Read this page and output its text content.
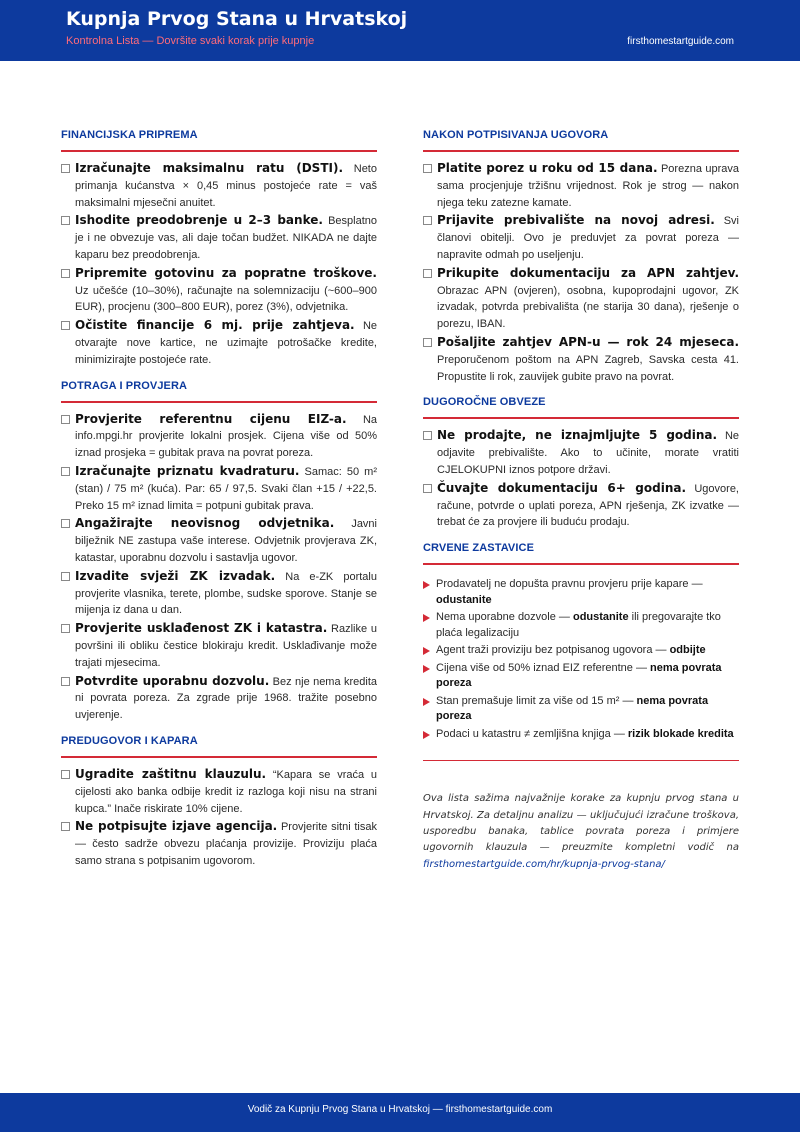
Kupnja Prvog Stana u Hrvatskoj
Kontrolna Lista — Dovršite svaki korak prije kupnje	firsthomestartguide.com
FINANCIJSKA PRIPREMA
Izračunajte maksimalnu ratu (DSTI). Neto primanja kućanstva × 0,45 minus postojeće rate = vaš maksimalni mjesečni anuitet.
Ishodite preodobrenje u 2–3 banke. Besplatno je i ne obvezuje vas, ali daje točan budžet. NIKADA ne dajte kaparu bez preodobrenja.
Pripremite gotovinu za popratne troškove. Uz učešće (10–30%), računajte na solemnizaciju (~600–900 EUR), procjenu (300–800 EUR), porez (3%), odvjetnika.
Očistite financije 6 mj. prije zahtjeva. Ne otvarajte nove kartice, ne uzimajte potrošačke kredite, minimizirajte postojeće rate.
POTRAGA I PROVJERA
Provjerite referentnu cijenu EIZ-a. Na info.mpgi.hr provjerite lokalni prosjek. Cijena više od 50% iznad prosjeka = gubitak prava na povrat poreza.
Izračunajte priznatu kvadraturu. Samac: 50 m² (stan) / 75 m² (kuća). Par: 65 / 97,5. Svaki član +15 / +22,5. Preko 15 m² iznad limita = potpuni gubitak prava.
Angažirajte neovisnog odvjetnika. Javni bilježnik NE zastupa vaše interese. Odvjetnik provjerava ZK, katastar, uporabnu dozvolu i sastavlja ugovor.
Izvadite svježi ZK izvadak. Na e-ZK portalu provjerite vlasnika, terete, plombe, sudske sporove. Stanje se mijenja iz dana u dan.
Provjerite usklađenost ZK i katastra. Razlike u površini ili obliku čestice blokiraju kredit. Usklađivanje može trajati mjesecima.
Potvrdite uporabnu dozvolu. Bez nje nema kredita ni povrata poreza. Za zgrade prije 1968. tražite posebno uvjerenje.
PREDUGOVOR I KAPARA
Ugradite zaštitnu klauzulu. “Kapara se vraća u cijelosti ako banka odbije kredit iz razloga koji nisu na strani kupca.” Inače riskirate 10% cijene.
Ne potpisujte izjave agencija. Provjerite sitni tisak — često sadrže obvezu plaćanja provizije. Proviziju plaća samo strana s potpisanim ugovorom.
NAKON POTPISIVANJA UGOVORA
Platite porez u roku od 15 dana. Porezna uprava sama procjenjuje tržišnu vrijednost. Rok je strog — nakon njega teku zatezne kamate.
Prijavite prebivalište na novoj adresi. Svi članovi obitelji. Ovo je preduvjet za povrat poreza — napravite odmah po useljenju.
Prikupite dokumentaciju za APN zahtjev. Obrazac APN (ovjeren), osobna, kupoprodajni ugovor, ZK izvadak, potvrda prebivališta (ne starija 30 dana), rješenje o porezu, IBAN.
Pošaljite zahtjev APN-u — rok 24 mjeseca. Preporučenom poštom na APN Zagreb, Savska cesta 41. Propustite li rok, zauvijek gubite pravo na povrat.
DUGOROČNE OBVEZE
Ne prodajte, ne iznajmljujte 5 godina. Ne odjavite prebivalište. Ako to učinite, morate vratiti CJELOKUPNI iznos potpore državi.
Čuvajte dokumentaciju 6+ godina. Ugovore, račune, potvrde o uplati poreza, APN rješenja, ZK izvatke — trebat će za provjere ili buduću prodaju.
CRVENE ZASTAVICE
Prodavatelj ne dopušta pravnu provjeru prije kapare — odustanite
Nema uporabne dozvole — odustanite ili pregovarajte tko plaća legalizaciju
Agent traži proviziju bez potpisanog ugovora — odbijte
Cijena više od 50% iznad EIZ referentne — nema povrata poreza
Stan premašuje limit za više od 15 m² — nema povrata poreza
Podaci u katastru ≠ zemljišna knjiga — rizik blokade kredita
Ova lista sažima najvažnije korake za kupnju prvog stana u Hrvatskoj. Za detaljnu analizu — uključujući izračune troškova, usporedbu banaka, tablice povrata poreza i primjere ugovornih klauzula — preuzmite kompletni vodič na firsthomestartguide.com/hr/kupnja-prvog-stana/
Vodič za Kupnju Prvog Stana u Hrvatskoj — firsthomestartguide.com
